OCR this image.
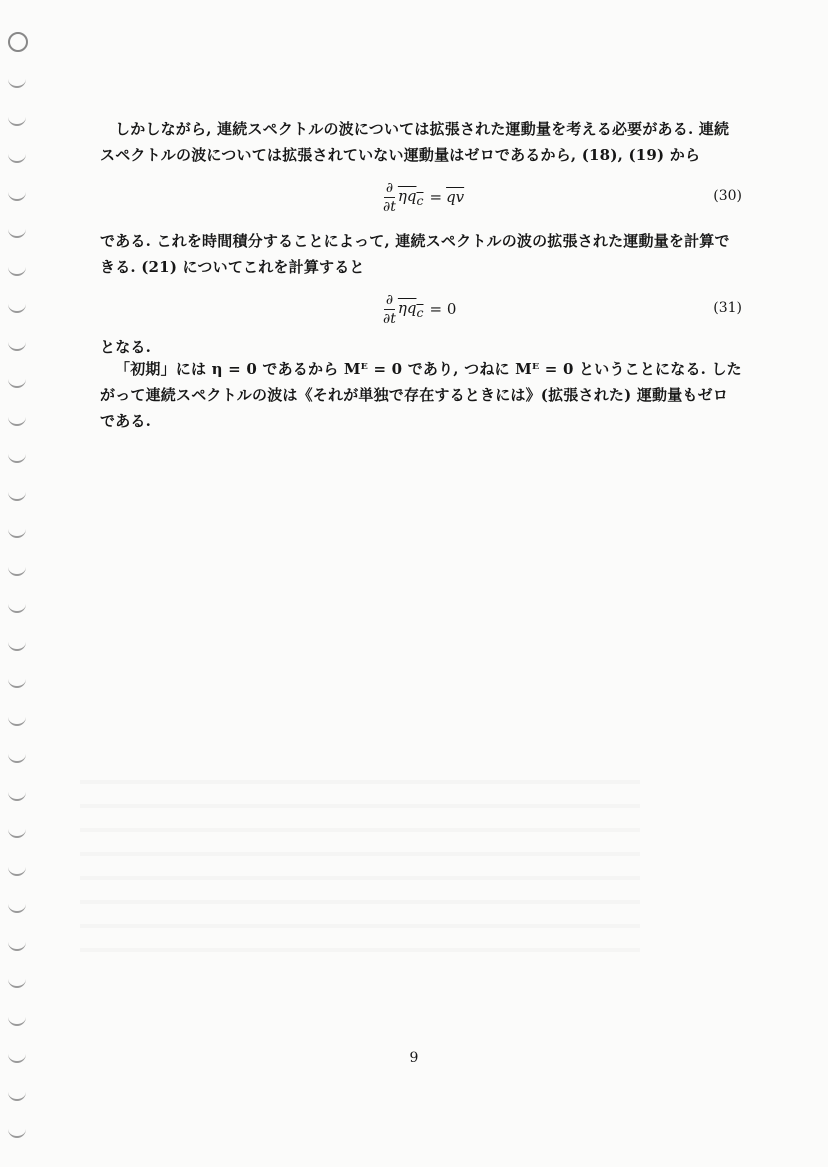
しかしながら, 連続スペクトルの波については拡張された運動量を考える必要がある. 連続スペクトルの波については拡張されていない運動量はゼロであるから, (18), (19) から
$\frac{\partial}{\partial t} \eta q_c = \overline{qv}$	(30)
である. これを時間積分することによって, 連続スペクトルの波の拡張された運動量を計算できる. (21) についてこれを計算すると
$\frac{\partial}{\partial t} \eta q_c = 0$	(31)
となる.
「初期」には η = 0 であるから Mᴱ = 0 であり, つねに Mᴱ = 0 ということになる. したがって連続スペクトルの波は《それが単独で存在するときには》(拡張された) 運動量もゼロである.
9
